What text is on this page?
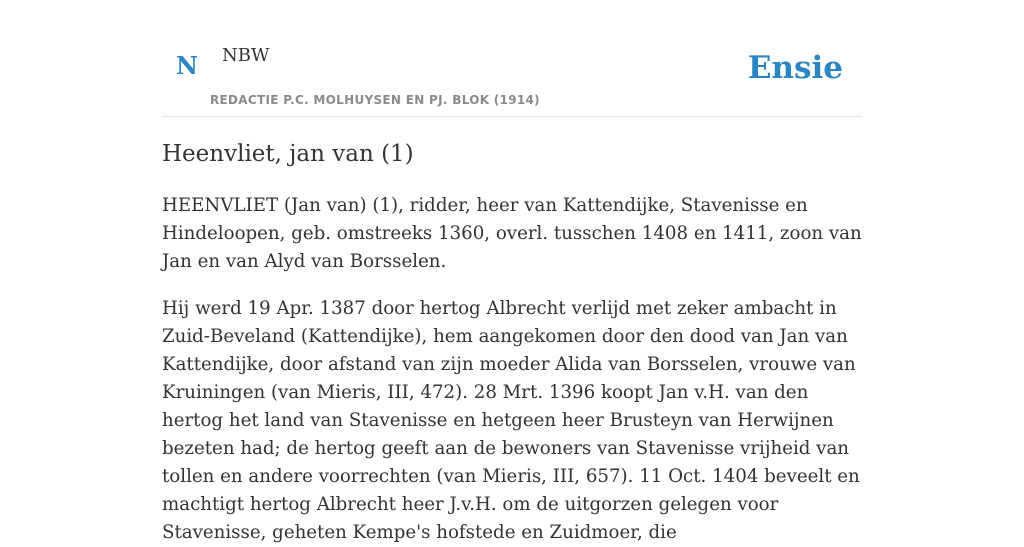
N NBW
REDACTIE P.C. MOLHUYSEN EN PJ. BLOK (1914)
Ensie
Heenvliet, jan van (1)

HEENVLIET (Jan van) (1), ridder, heer van Kattendijke, Stavenisse en Hindeloopen, geb. omstreeks 1360, overl. tusschen 1408 en 1411, zoon van Jan en van Alyd van Borsselen.

Hij werd 19 Apr. 1387 door hertog Albrecht verlijd met zeker ambacht in Zuid-Beveland (Kattendijke), hem aangekomen door den dood van Jan van Kattendijke, door afstand van zijn moeder Alida van Borsselen, vrouwe van Kruiningen (van Mieris, III, 472). 28 Mrt. 1396 koopt Jan v.H. van den hertog het land van Stavenisse en hetgeen heer Brusteyn van Herwijnen bezeten had; de hertog geeft aan de bewoners van Stavenisse vrijheid van tollen en andere voorrechten (van Mieris, III, 657). 11 Oct. 1404 beveelt en machtigt hertog Albrecht heer J.v.H. om de uitgorzen gelegen voor Stavenisse, geheten Kempe's hofstede en Zuidmoer, die
